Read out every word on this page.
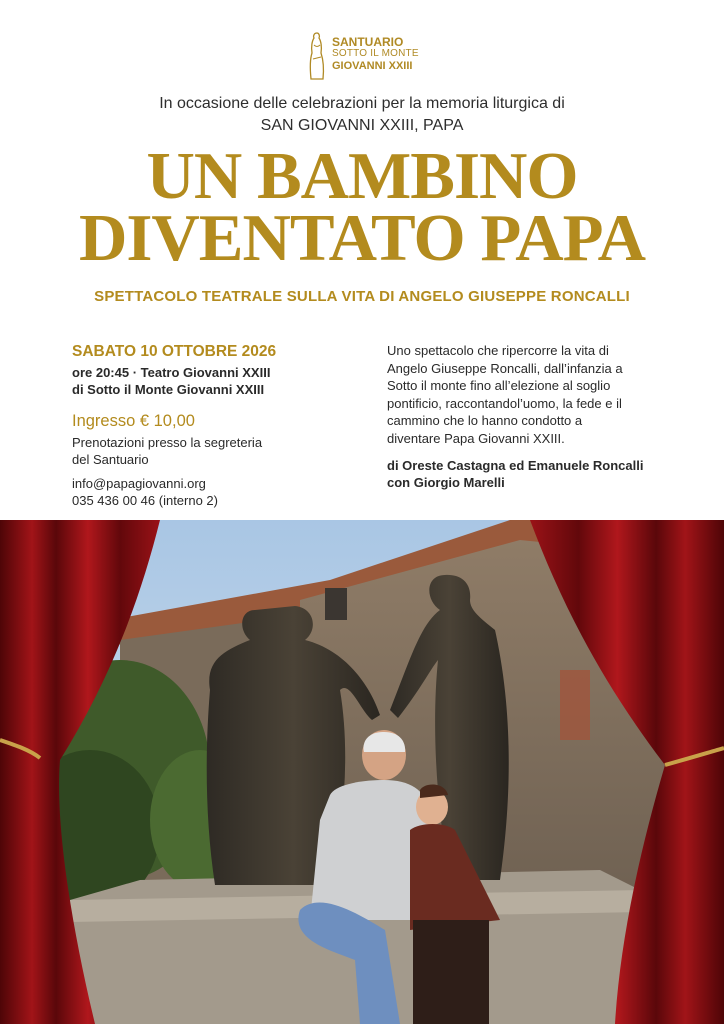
SANTUARIO
SOTTO IL MONTE
GIOVANNI XXIII
In occasione delle celebrazioni per la memoria liturgica di
SAN GIOVANNI XXIII, PAPA
UN BAMBINO
DIVENTATO PAPA
SPETTACOLO TEATRALE SULLA VITA DI ANGELO GIUSEPPE RONCALLI
SABATO 10 OTTOBRE 2026
ore 20:45 · Teatro Giovanni XXIII
di Sotto il Monte Giovanni XXIII
Ingresso € 10,00
Prenotazioni presso la segreteria
del Santuario
info@papagiovanni.org
035 436 00 46 (interno 2)
Uno spettacolo che ripercorre la vita di
Angelo Giuseppe Roncalli, dall’infanzia a
Sotto il monte fino all’elezione al soglio
pontificio, raccontandol’uomo, la fede e il
cammino che lo hanno condotto a
diventare Papa Giovanni XXIII.
di Oreste Castagna ed Emanuele Roncalli
con Giorgio Marelli
